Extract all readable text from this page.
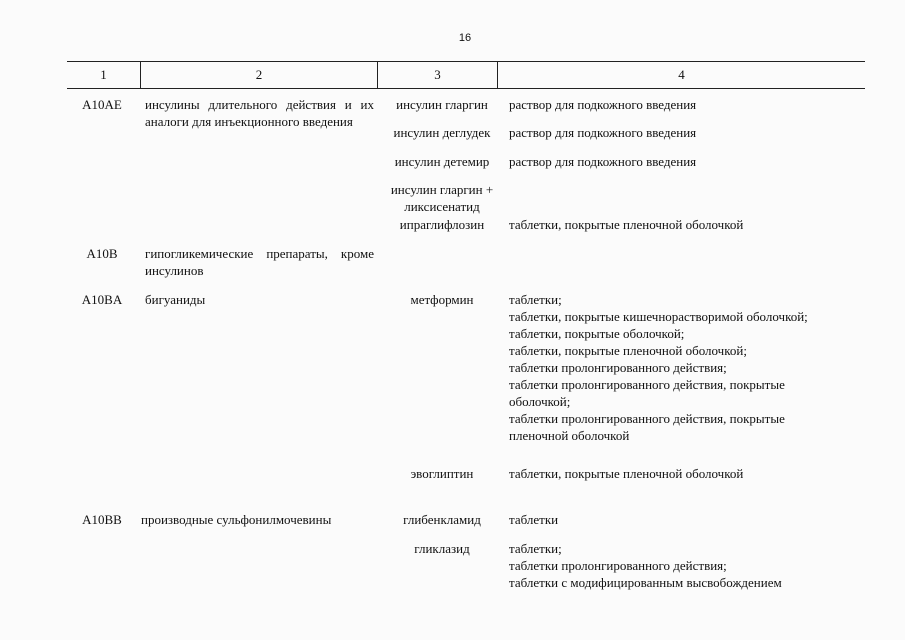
16
1	2	3	4
A10AE	инсулины длительного действия и их аналоги для инъекционного введения
инсулин гларгин	раствор для подкожного введения
инсулин деглудек	раствор для подкожного введения
инсулин детемир	раствор для подкожного введения
инсулин гларгин + ликсисенатид
ипраглифлозин	таблетки, покрытые пленочной оболочкой
A10B	гипогликемические препараты, кроме инсулинов
A10BA	бигуаниды	метформин	таблетки;
таблетки, покрытые кишечнорастворимой оболочкой;
таблетки, покрытые оболочкой;
таблетки, покрытые пленочной оболочкой;
таблетки пролонгированного действия;
таблетки пролонгированного действия, покрытые оболочкой;
таблетки пролонгированного действия, покрытые пленочной оболочкой
эвоглиптин	таблетки, покрытые пленочной оболочкой
A10BB	производные сульфонилмочевины	глибенкламид	таблетки
гликлазид	таблетки;
таблетки пролонгированного действия;
таблетки с модифицированным высвобождением
